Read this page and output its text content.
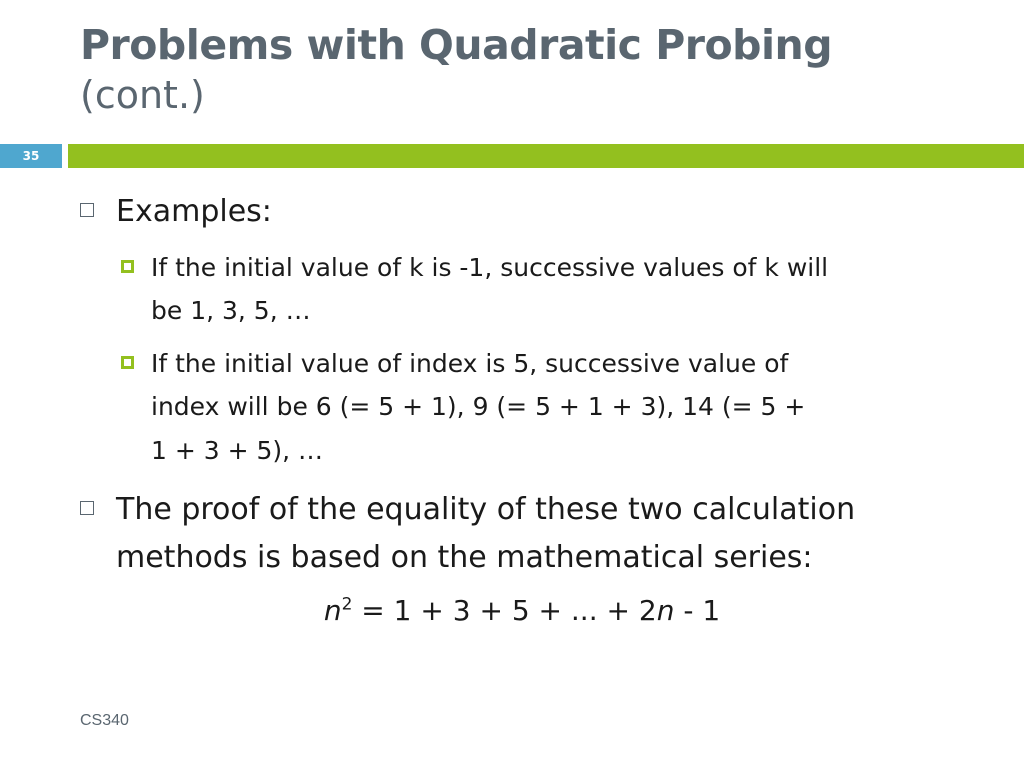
Problems with Quadratic Probing
(cont.)
35
Examples:
If the initial value of k is -1, successive values of k will
be 1, 3, 5, …
If the initial value of index is 5, successive value of
index will be 6 (= 5 + 1), 9 (= 5 + 1 + 3), 14 (= 5 +
1 + 3 + 5), …
The proof of the equality of these two calculation
methods is based on the mathematical series:
$n^2 = 1 + 3 + 5$ + ... + 2n - 1
CS340
